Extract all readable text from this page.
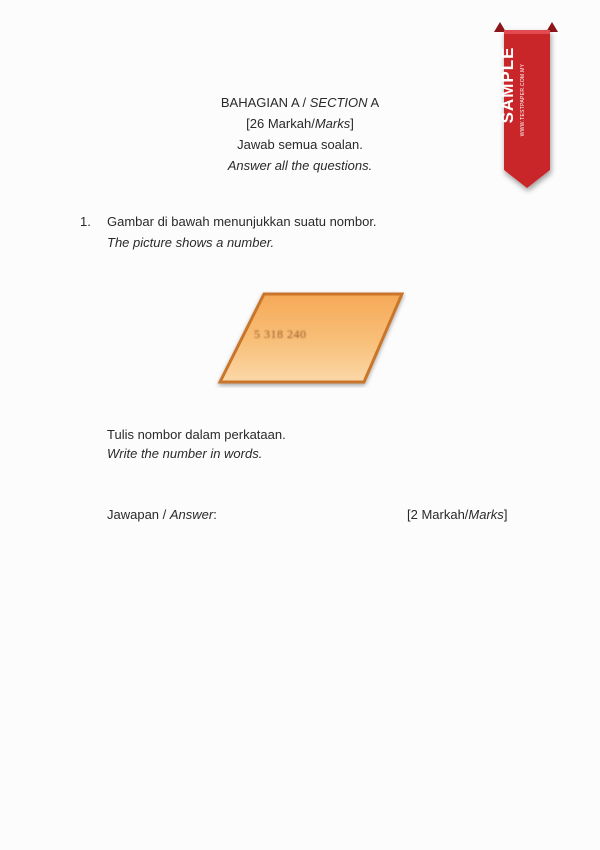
BAHAGIAN A / SECTION A
[26 Markah/Marks]
Jawab semua soalan.
Answer all the questions.
1. Gambar di bawah menunjukkan suatu nombor.
The picture shows a number.
5 318 240
Tulis nombor dalam perkataan.
Write the number in words.
Jawapan / Answer:	[2 Markah/Marks]
SAMPLE WWW.TESTPAPER.COM.MY
